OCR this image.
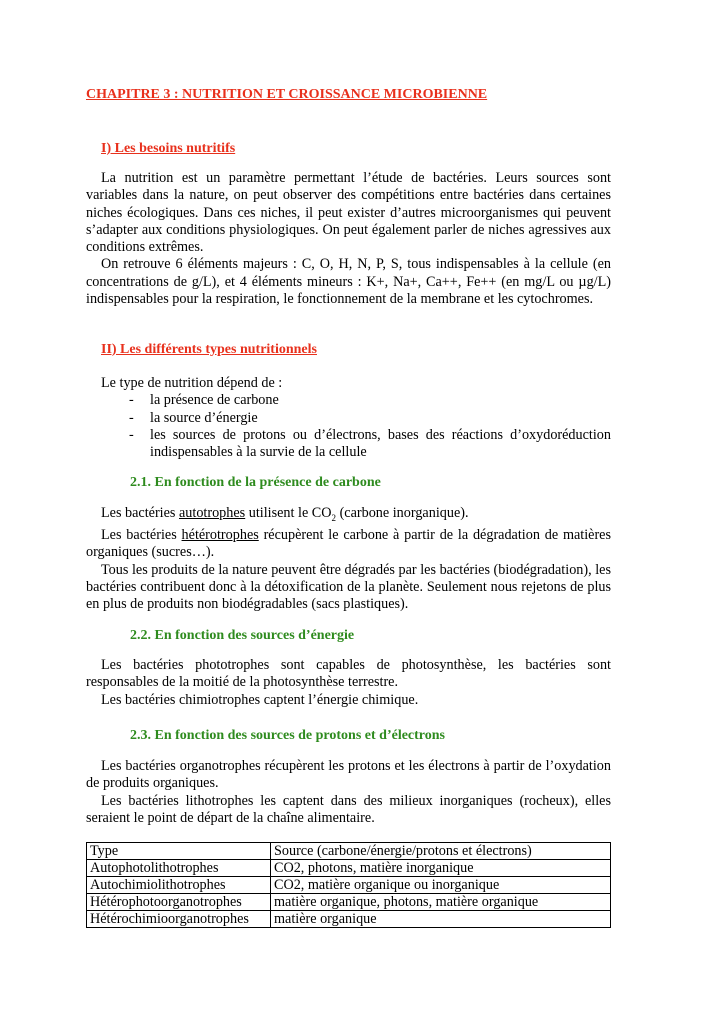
CHAPITRE 3 : NUTRITION ET CROISSANCE MICROBIENNE
I) Les besoins nutritifs

La nutrition est un paramètre permettant l’étude de bactéries. Leurs sources sont variables dans la nature, on peut observer des compétitions entre bactéries dans certaines niches écologiques. Dans ces niches, il peut exister d’autres microorganismes qui peuvent s’adapter aux conditions physiologiques. On peut également parler de niches agressives aux conditions extrêmes.

On retrouve 6 éléments majeurs : C, O, H, N, P, S, tous indispensables à la cellule (en concentrations de g/L), et 4 éléments mineurs : K+, Na+, Ca++, Fe++ (en mg/L ou µg/L) indispensables pour la respiration, le fonctionnement de la membrane et les cytochromes.

II) Les différents types nutritionnels
Le type de nutrition dépend de :
- la présence de carbone
- la source d’énergie
- les sources de protons ou d’électrons, bases des réactions d’oxydoréduction indispensables à la survie de la cellule
2.1. En fonction de la présence de carbone

Les bactéries autotrophes utilisent le $CO_2$ (carbone inorganique).

Les bactéries hétérotrophes récupèrent le carbone à partir de la dégradation de matières organiques (sucres…).

Tous les produits de la nature peuvent être dégradés par les bactéries (biodégradation), les bactéries contribuent donc à la détoxification de la planète. Seulement nous rejetons de plus en plus de produits non biodégradables (sacs plastiques).

2.2. En fonction des sources d’énergie

Les bactéries phototrophes sont capables de photosynthèse, les bactéries sont responsables de la moitié de la photosynthèse terrestre.

Les bactéries chimiotrophes captent l’énergie chimique.

2.3. En fonction des sources de protons et d’électrons

Les bactéries organotrophes récupèrent les protons et les électrons à partir de l’oxydation de produits organiques.

Les bactéries lithotrophes les captent dans des milieux inorganiques (rocheux), elles seraient le point de départ de la chaîne alimentaire.

Type	Source (carbone/énergie/protons et électrons)
Autophotolithotrophes	CO2, photons, matière inorganique
Autochimiolithotrophes	CO2, matière organique ou inorganique
Hétérophotoorganotrophes	matière organique, photons, matière organique
Hétérochimioorganotrophes	matière organique
